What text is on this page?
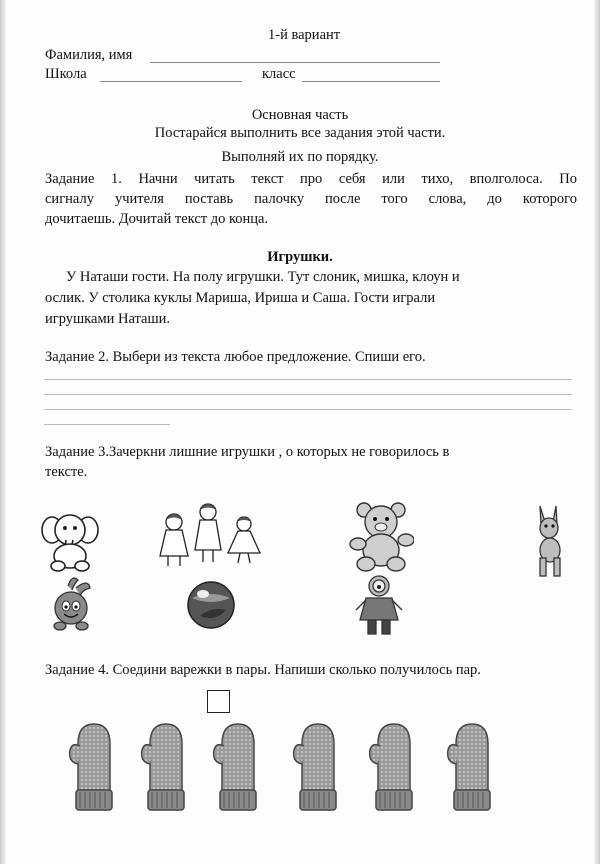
1-й вариант
Фамилия, имя
Школа	класс
Основная часть
Постарайся выполнить все задания этой части.
Выполняй их по порядку.
Задание 1. Начни читать текст про себя или тихо, вполголоса. По
сигналу учителя поставь палочку после того слова, до которого
дочитаешь. Дочитай текст до конца.
Игрушки.
У Наташи гости. На полу игрушки. Тут слоник, мишка, клоун и
ослик. У столика куклы Мариша, Ириша и Саша. Гости играли
игрушками Наташи.
Задание 2. Выбери из текста любое предложение. Спиши его.
Задание 3.Зачеркни лишние игрушки , о которых не говорилось в
тексте.
Задание 4. Соедини варежки в пары. Напиши сколько получилось пар.
